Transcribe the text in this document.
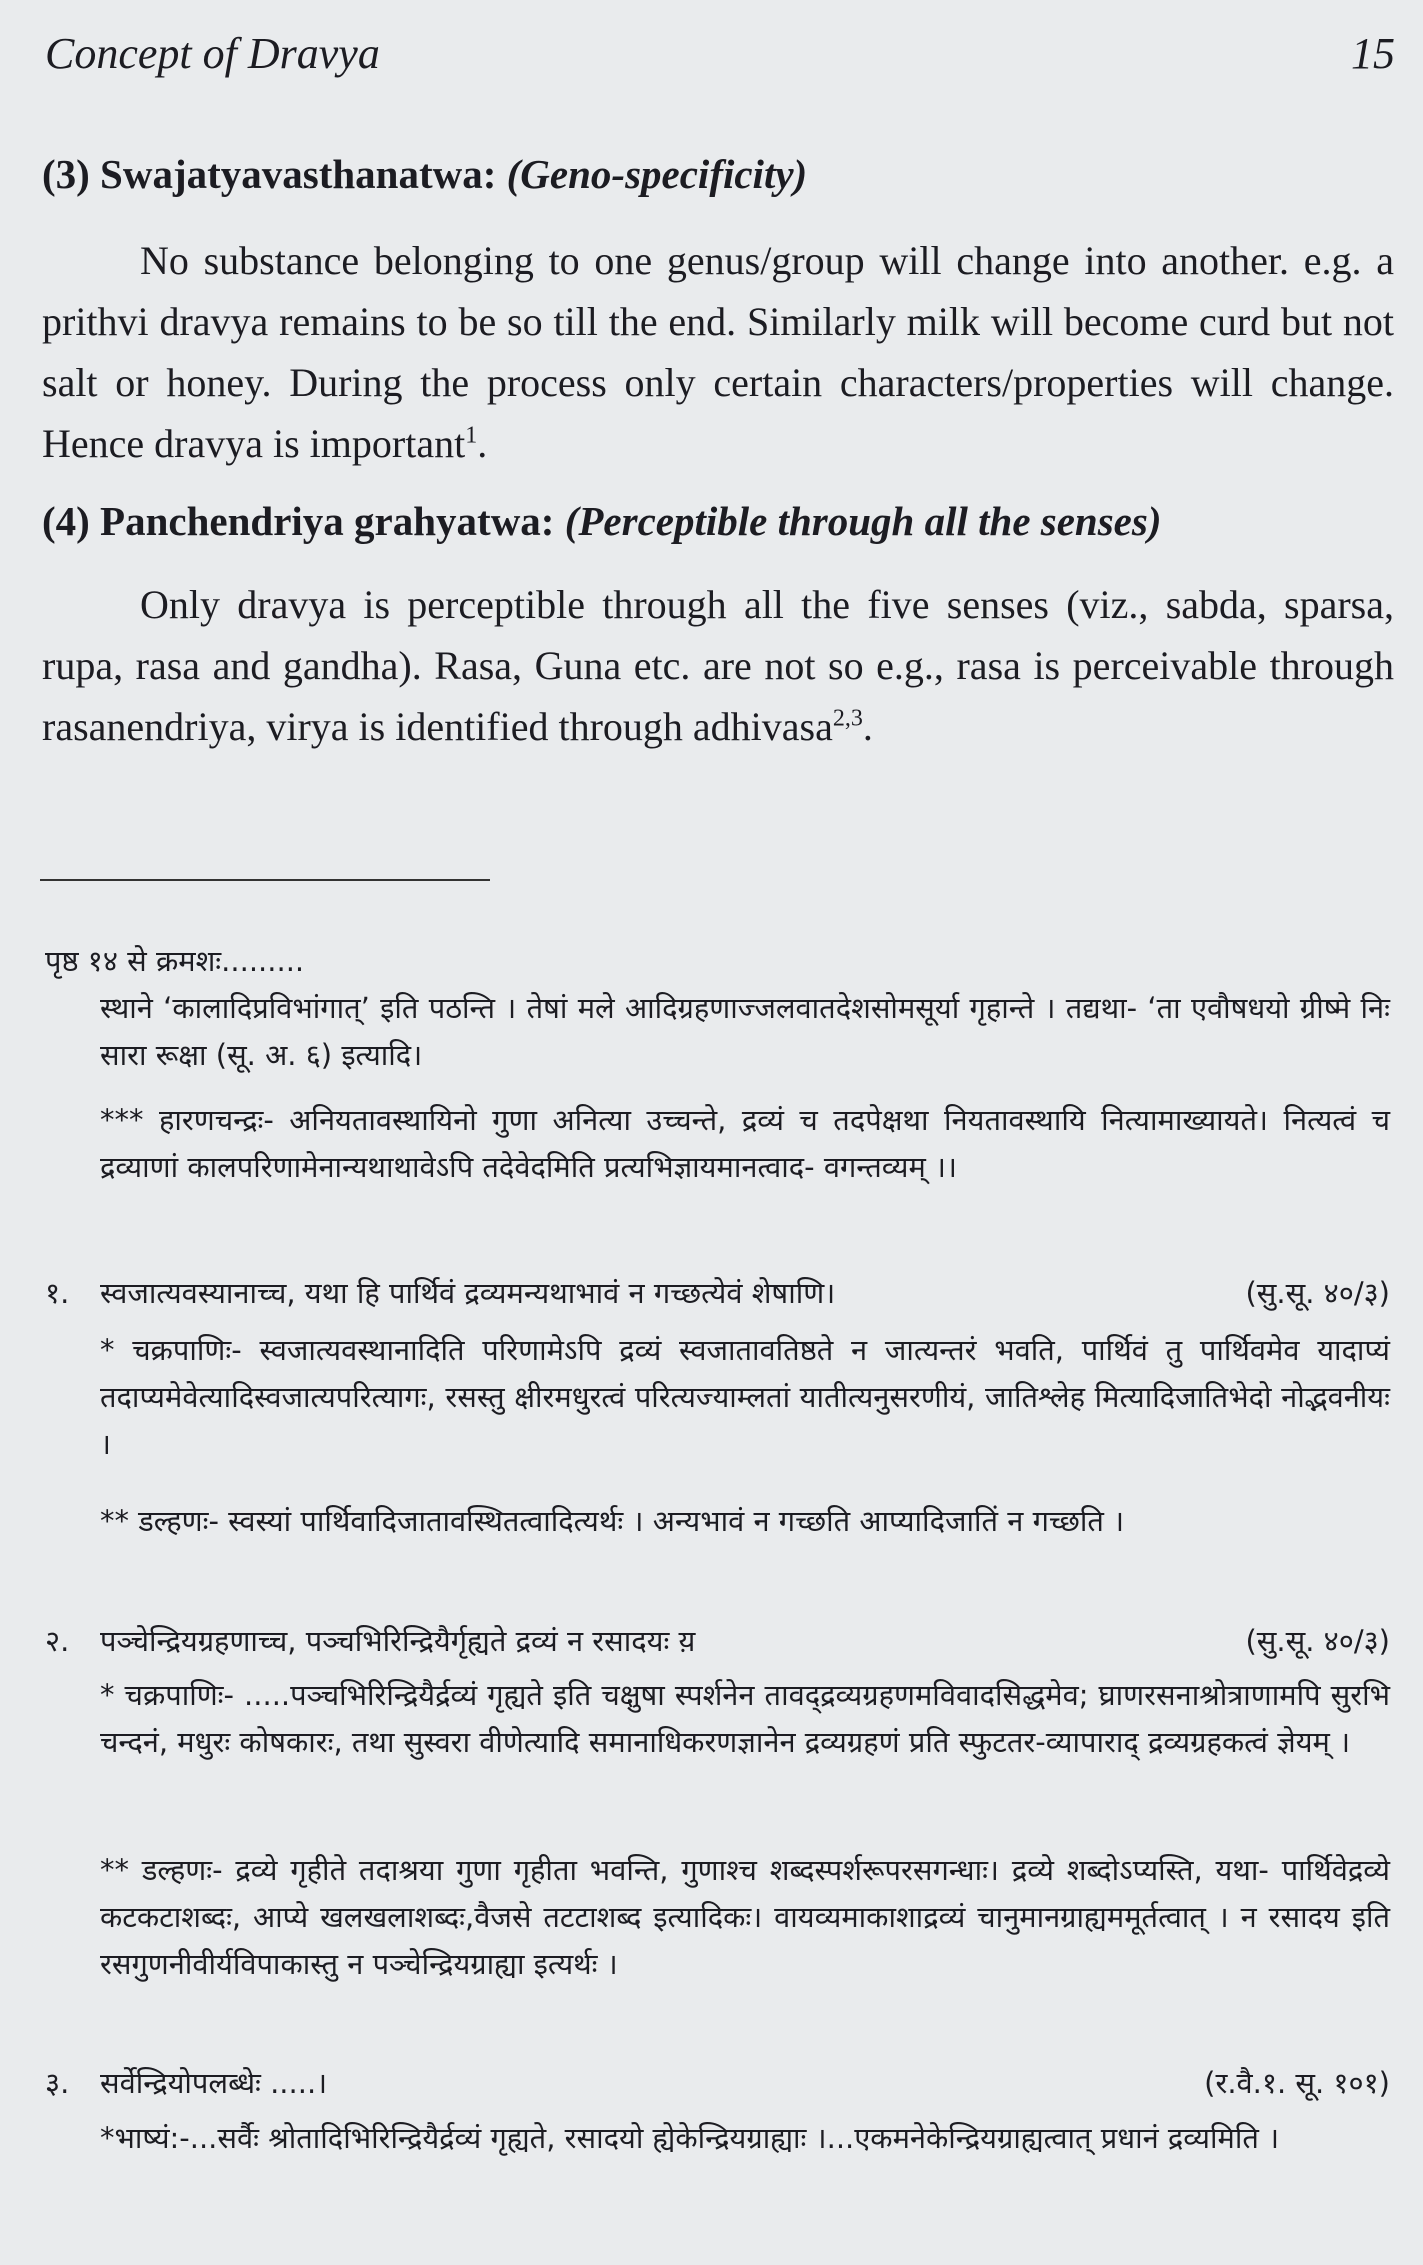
Concept of Dravya	15
(3) Swajatyavasthanatwa: (Geno-specificity)
No substance belonging to one genus/group will change into another. e.g. a prithvi dravya remains to be so till the end. Similarly milk will become curd but not salt or honey. During the process only certain characters/properties will change. Hence dravya is important$^1$.
(4) Panchendriya grahyatwa: (Perceptible through all the senses)
Only dravya is perceptible through all the five senses (viz., sabda, sparsa, rupa, rasa and gandha). Rasa, Guna etc. are not so e.g., rasa is perceivable through rasanendriya, virya is identified through adhivasa$^{2,3}$.
पृष्ठ १४ से क्रमशः.........
स्थाने ‘कालादिप्रविभांगात्’ इति पठन्ति । तेषां मले आदिग्रहणाज्जलवातदेशसोमसूर्या गृहान्ते । तद्यथा- ‘ता एवौषधयो ग्रीष्मे निः सारा रूक्षा (सू. अ. ६) इत्यादि।
*** हारणचन्द्रः- अनियतावस्थायिनो गुणा अनित्या उच्चन्ते, द्रव्यं च तदपेक्षथा नियतावस्थायि नित्यामाख्यायते। नित्यत्वं च द्रव्याणां कालपरिणामेनान्यथाथावेऽपि तदेवेदमिति प्रत्यभिज्ञायमानत्वाद- वगन्तव्यम् ।।
१. स्वजात्यवस्यानाच्च, यथा हि पार्थिवं द्रव्यमन्यथाभावं न गच्छत्येवं शेषाणि।	(सु.सू. ४०/३)
* चक्रपाणिः- स्वजात्यवस्थानादिति परिणामेऽपि द्रव्यं स्वजातावतिष्ठते न जात्यन्तरं भवति, पार्थिवं तु पार्थिवमेव यादाप्यं तदाप्यमेवेत्यादिस्वजात्यपरित्यागः, रसस्तु क्षीरमधुरत्वं परित्यज्याम्लतां यातीत्यनुसरणीयं, जातिश्लेह मित्यादिजातिभेदो नोद्भवनीयः ।
** डल्हणः- स्वस्यां पार्थिवादिजातावस्थितत्वादित्यर्थः । अन्यभावं न गच्छति आप्यादिजातिं न गच्छति ।
२. पञ्चेन्द्रियग्रहणाच्च, पञ्चभिरिन्द्रियैर्गृह्यते द्रव्यं न रसादयः य़	(सु.सू. ४०/३)
* चक्रपाणिः- .....पञ्चभिरिन्द्रियैर्द्रव्यं गृह्यते इति चक्षुषा स्पर्शनेन तावद्द्रव्यग्रहणमविवादसिद्धमेव; घ्राणरसनाश्रोत्राणामपि सुरभि चन्दनं, मधुरः कोषकारः, तथा सुस्वरा वीणेत्यादि समानाधिकरणज्ञानेन द्रव्यग्रहणं प्रति स्फुटतर-व्यापाराद् द्रव्यग्रहकत्वं ज्ञेयम् ।
** डल्हणः- द्रव्ये गृहीते तदाश्रया गुणा गृहीता भवन्ति, गुणाश्च शब्दस्पर्शरूपरसगन्धाः। द्रव्ये शब्दोऽप्यस्ति, यथा- पार्थिवेद्रव्ये कटकटाशब्दः, आप्ये खलखलाशब्दः,वैजसे तटटाशब्द इत्यादिकः। वायव्यमाकाशाद्रव्यं चानुमानग्राह्यममूर्तत्वात् । न रसादय इति रसगुणनीवीर्यविपाकास्तु न पञ्चेन्द्रियग्राह्या इत्यर्थः ।
३. सर्वेन्द्रियोपलब्धेः .....।	(र.वै.१. सू. १०१)
*भाष्यं:-...सर्वैः श्रोतादिभिरिन्द्रियैर्द्रव्यं गृह्यते, रसादयो ह्येकेन्द्रियग्राह्याः ।...एकमनेकेन्द्रियग्राह्यत्वात् प्रधानं द्रव्यमिति ।
